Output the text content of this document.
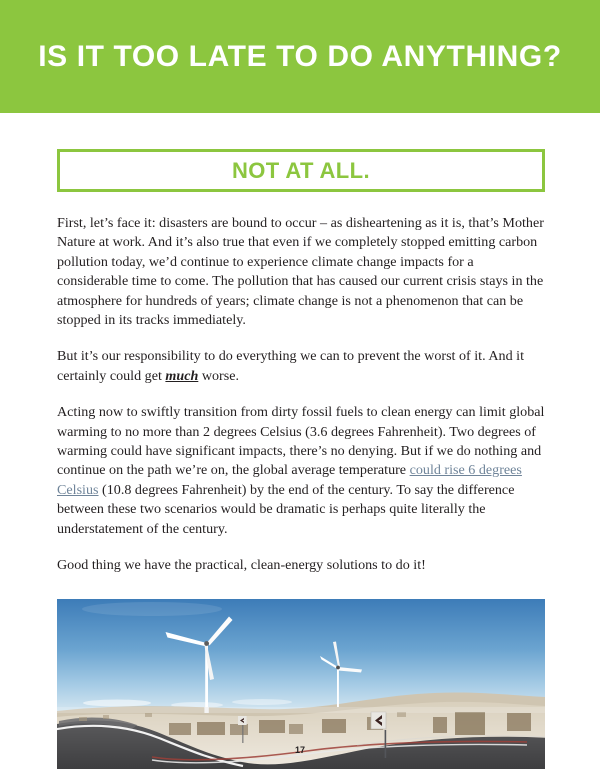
IS IT TOO LATE TO DO ANYTHING?
NOT AT ALL.

First, let’s face it: disasters are bound to occur – as disheartening as it is, that’s Mother Nature at work. And it’s also true that even if we completely stopped emitting carbon pollution today, we’d continue to experience climate change impacts for a considerable time to come. The pollution that has caused our current crisis stays in the atmosphere for hundreds of years; climate change is not a phenomenon that can be stopped in its tracks immediately.

But it’s our responsibility to do everything we can to prevent the worst of it. And it certainly could get much worse.

Acting now to swiftly transition from dirty fossil fuels to clean energy can limit global warming to no more than 2 degrees Celsius (3.6 degrees Fahrenheit). Two degrees of warming could have significant impacts, there’s no denying. But if we do nothing and continue on the path we’re on, the global average temperature could rise 6 degrees Celsius (10.8 degrees Fahrenheit) by the end of the century. To say the difference between these two scenarios would be dramatic is perhaps quite literally the understatement of the century.

Good thing we have the practical, clean-energy solutions to do it!

17
